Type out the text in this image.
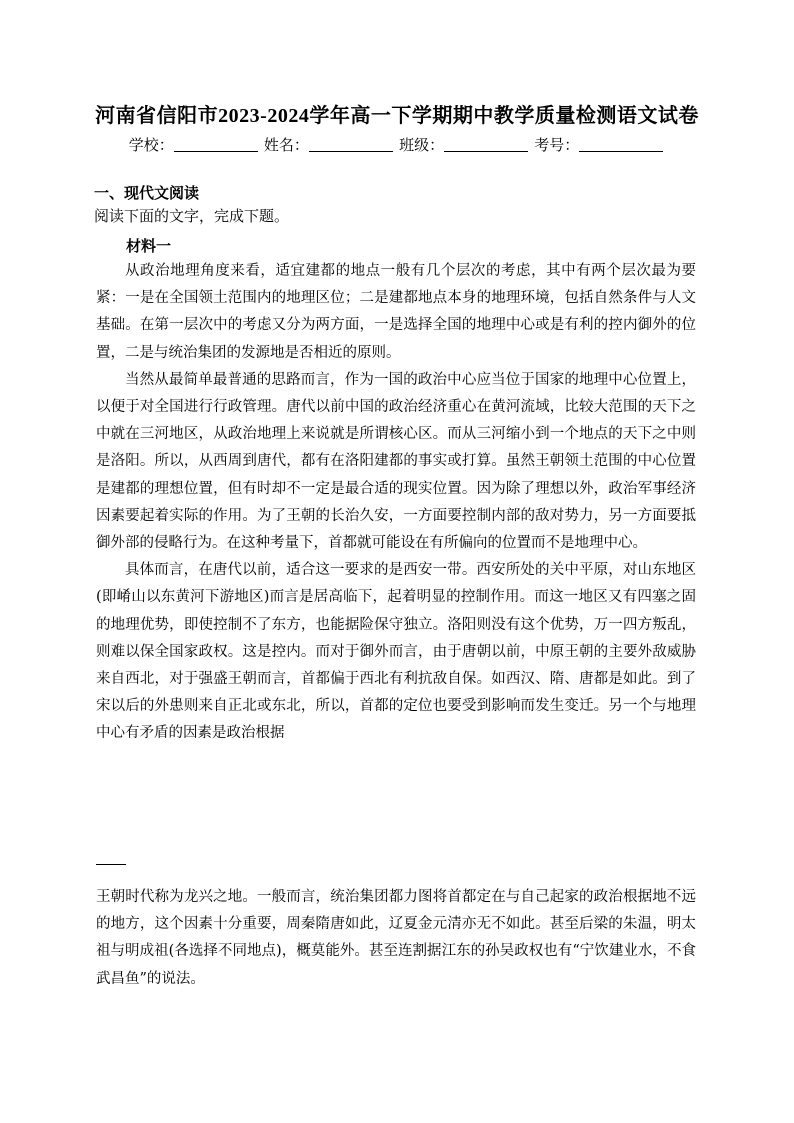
河南省信阳市2023-2024学年高一下学期期中教学质量检测语文试卷
学校：	姓名：	班级：	考号：
一、现代文阅读
阅读下面的文字，完成下题。
材料一

从政治地理角度来看，适宜建都的地点一般有几个层次的考虑，其中有两个层次最为要紧：一是在全国领土范围内的地理区位；二是建都地点本身的地理环境，包括自然条件与人文基础。在第一层次中的考虑又分为两方面，一是选择全国的地理中心或是有利的控内御外的位置，二是与统治集团的发源地是否相近的原则。

当然从最简单最普通的思路而言，作为一国的政治中心应当位于国家的地理中心位置上，以便于对全国进行行政管理。唐代以前中国的政治经济重心在黄河流域，比较大范围的天下之中就在三河地区，从政治地理上来说就是所谓核心区。而从三河缩小到一个地点的天下之中则是洛阳。所以，从西周到唐代，都有在洛阳建都的事实或打算。虽然王朝领土范围的中心位置是建都的理想位置，但有时却不一定是最合适的现实位置。因为除了理想以外，政治军事经济因素要起着实际的作用。为了王朝的长治久安，一方面要控制内部的敌对势力，另一方面要抵御外部的侵略行为。在这种考量下，首都就可能设在有所偏向的位置而不是地理中心。

具体而言，在唐代以前，适合这一要求的是西安一带。西安所处的关中平原，对山东地区(即崤山以东黄河下游地区)而言是居高临下，起着明显的控制作用。而这一地区又有四塞之固的地理优势，即使控制不了东方，也能据险保守独立。洛阳则没有这个优势，万一四方叛乱，则难以保全国家政权。这是控内。而对于御外而言，由于唐朝以前，中原王朝的主要外敌威胁来自西北，对于强盛王朝而言，首都偏于西北有利抗敌自保。如西汉、隋、唐都是如此。到了宋以后的外患则来自正北或东北，所以，首都的定位也要受到影响而发生变迁。另一个与地理中心有矛盾的因素是政治根据

王朝时代称为龙兴之地。一般而言，统治集团都力图将首都定在与自己起家的政治根据地不远的地方，这个因素十分重要，周秦隋唐如此，辽夏金元清亦无不如此。甚至后梁的朱温，明太祖与明成祖(各选择不同地点)，概莫能外。甚至连割据江东的孙吴政权也有“宁饮建业水，不食武昌鱼”的说法。
